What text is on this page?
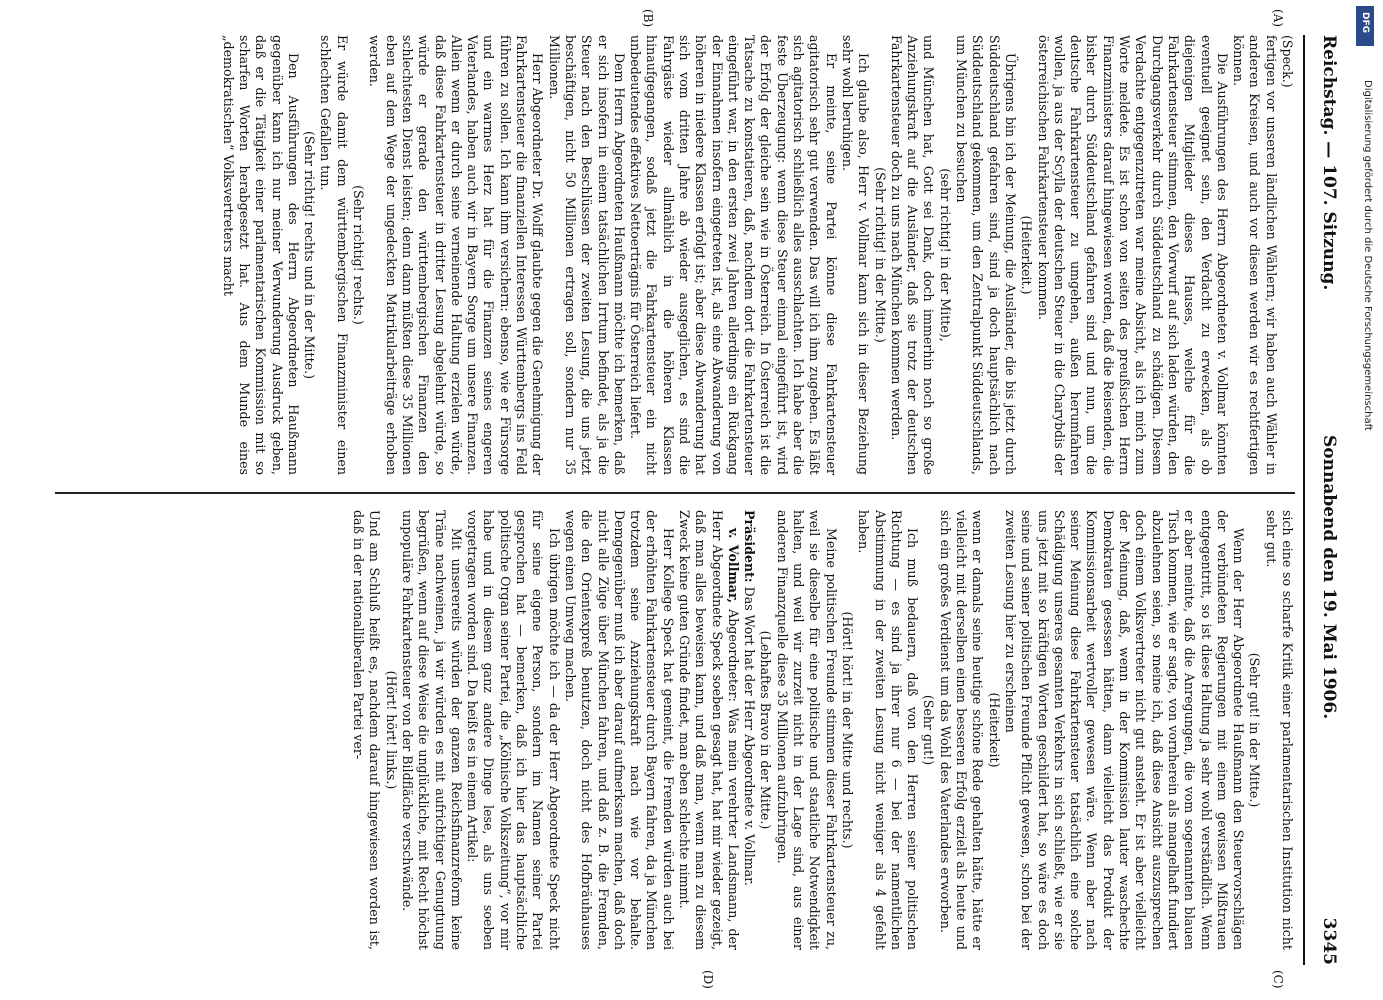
Reichstag. — 107. Sitzung.
Sonnabend den 19. Mai 1906.
3345

(Speck.)

fertigen vor unseren ländlichen Wählern; wir haben auch Wähler in anderen Kreisen, und auch vor diesen werden wir es rechtfertigen können.

Die Ausführungen des Herrn Abgeordneten v. Vollmar könnten eventuell geeignet sein, den Verdacht zu erwecken, als ob diejenigen Mitglieder dieses Hauses, welche für die Fahrkartensteuer stimmen, den Vorwurf auf sich laden würden, den Durchgangsverkehr durch Süddeutschland zu schädigen. Diesem Verdachte entgegenzutreten war meine Absicht, als ich mich zum Worte meldete. Es ist schon von seiten des preußischen Herrn Finanzministers darauf hingewiesen worden, daß die Reisenden, die bisher durch Süddeutschland gefahren sind und nun, um die deutsche Fahrkartensteuer zu umgehen, außen herumfahren wollen, ja aus der Scylla der deutschen Steuer in die Charybdis der österreichischen Fahrkartensteuer kommen.

(Heiterkeit.)

Übrigens bin ich der Meinung, die Ausländer, die bis jetzt durch Süddeutschland gefahren sind, sind ja doch hauptsächlich nach Süddeutschland gekommen, um den Zentralpunkt Süddeutschlands, um München zu besuchen

(sehr richtig! in der Mitte),

und München hat, Gott sei Dank, doch immerhin noch so große Anziehungskraft auf die Ausländer, daß sie trotz der deutschen Fahrkartensteuer doch zu uns nach München kommen werden.

(Sehr richtig! in der Mitte.)

Ich glaube also, Herr v. Vollmar kann sich in dieser Beziehung sehr wohl beruhigen.

Er meinte, seine Partei könne diese Fahrkartensteuer agitatorisch sehr gut verwenden. Das will ich ihm zugeben. Es läßt sich agitatorisch schließlich alles ausschlachten. Ich habe aber die feste Überzeugung: wenn diese Steuer einmal eingeführt ist, wird der Erfolg der gleiche sein wie in Österreich. In Österreich ist die Tatsache zu konstatieren, daß, nachdem dort die Fahrkartensteuer eingeführt war, in den ersten zwei Jahren allerdings ein Rückgang der Einnahmen insofern eingetreten ist, als eine Abwanderung von höheren in niedere Klassen erfolgt ist; aber diese Abwanderung hat sich vom dritten Jahre ab wieder ausgeglichen, es sind die Fahrgäste wieder allmählich in die höheren Klassen hinaufgegangen, sodaß jetzt die Fahrkartensteuer ein nicht unbedeutendes effektives Nettoerträgnis für Österreich liefert.

Dem Herrn Abgeordneten Haußmann möchte ich bemerken, daß er sich insofern in einem tatsächlichen Irrtum befindet, als ja die Steuer nach den Beschlüssen der zweiten Lesung, die uns jetzt beschäftigen, nicht 50 Millionen ertragen soll, sondern nur 35 Millionen.

Herr Abgeordneter Dr. Wolff glaubte gegen die Genehmigung der Fahrkartensteuer die finanziellen Interessen Württembergs ins Feld führen zu sollen. Ich kann ihm versichern: ebenso, wie er Fürsorge und ein warmes Herz hat für die Finanzen seines engeren Vaterlandes, haben auch wir in Bayern Sorge um unsere Finanzen. Allein wenn er durch seine verneinende Haltung erzielen würde, daß diese Fahrkartensteuer in dritter Lesung abgelehnt würde, so würde er gerade den württembergischen Finanzen den schlechtesten Dienst leisten; denn dann müßten diese 35 Millionen eben auf dem Wege der ungedeckten Matrikularbeiträge erhoben werden.

(Sehr richtig! rechts.)

Er würde damit dem württembergischen Finanzminister einen schlechten Gefallen tun.

(Sehr richtig! rechts und in der Mitte.)

Den Ausführungen des Herrn Abgeordneten Haußmann gegenüber kann ich nur meiner Verwunderung Ausdruck geben, daß er die Tätigkeit einer parlamentarischen Kommission mit so scharfen Worten herabgesetzt hat. Aus dem Munde eines „demokratischen“ Volksvertreters macht

sich eine so scharfe Kritik einer parlamentarischen Institution nicht sehr gut.

(Sehr gut! in der Mitte.)

Wenn der Herr Abgeordnete Haußmann den Steuervorschlägen der verbündeten Regierungen mit einem gewissen Mißtrauen entgegentritt, so ist diese Haltung ja sehr wohl verständlich. Wenn er aber meinte, daß die Anregungen, die vom sogenannten blauen Tisch kommen, wie er sagte, von vornherein als mangelhaft fundiert abzulehnen seien, so meine ich, daß diese Ansicht auszusprechen doch einem Volksvertreter nicht gut ansteht. Er ist aber vielleicht der Meinung, daß, wenn in der Kommission lauter waschechte Demokraten gesessen hätten, dann vielleicht das Produkt der Kommissionsarbeit wertvoller gewesen wäre. Wenn aber nach seiner Meinung diese Fahrkartensteuer tatsächlich eine solche Schädigung unseres gesamten Verkehrs in sich schließt, wie er sie uns jetzt mit so kräftigen Worten geschildert hat, so wäre es doch seine und seiner politischen Freunde Pflicht gewesen, schon bei der zweiten Lesung hier zu erscheinen

(Heiterkeit)

wenn er damals seine heutige schöne Rede gehalten hätte, hätte er vielleicht mit derselben einen besseren Erfolg erzielt als heute und sich ein großes Verdienst um das Wohl des Vaterlandes erworben.

(Sehr gut!)

Ich muß bedauern, daß von den Herren seiner politischen Richtung — es sind ja ihrer nur 6 — bei der namentlichen Abstimmung in der zweiten Lesung nicht weniger als 4 gefehlt haben.

(Hört! hört! in der Mitte und rechts.)

Meine politischen Freunde stimmen dieser Fahrkartensteuer zu, weil sie dieselbe für eine politische und staatliche Notwendigkeit halten, und weil wir zurzeit nicht in der Lage sind, aus einer anderen Finanzquelle diese 35 Millionen aufzubringen.

(Lebhaftes Bravo in der Mitte.)

Präsident: Das Wort hat der Herr Abgeordnete v. Vollmar.

v. Vollmar, Abgeordneter: Was mein verehrter Landsmann, der Herr Abgeordnete Speck soeben gesagt hat, hat mir wieder gezeigt, daß man alles beweisen kann, und daß man, wenn man zu diesem Zweck keine guten Gründe findet, man eben schlechte nimmt.

Herr Kollege Speck hat gemeint, die Fremden würden auch bei der erhöhten Fahrkartensteuer durch Bayern fahren, da ja München trotzdem seine Anziehungskraft nach wie vor behalte. Demgegenüber muß ich aber darauf aufmerksam machen, daß doch nicht alle Züge über München fahren, und daß z. B. die Fremden, die den Orientexpreß benutzen, doch nicht des Hofbräuhauses wegen einen Umweg machen.

Ich übrigen möchte ich — da der Herr Abgeordnete Speck nicht für seine eigene Person, sondern im Namen seiner Partei gesprochen hat — bemerken, daß ich hier das hauptsächliche politische Organ seiner Partei, die „Kölnische Volkszeitung“, vor mir habe und in diesem ganz andere Dinge lese, als uns soeben vorgetragen worden sind. Da heißt es in einem Artikel:

Mit unserereits würden der ganzen Reichsfinanzreform keine Träne nachweinen, ja wir würden es mit aufrichtiger Genugtuung begrüßen, wenn auf diese Weise die unglückliche, mit Recht höchst unpopuläre Fahrkartensteuer von der Bildfläche verschwände.

(Hört! hört! links.)

Und am Schluß heißt es, nachdem darauf hingewiesen worden ist, daß in der nationalliberalen Partei ver-

(A)
(B)
(C)
(D)
DFG
Digitalisierung gefördert durch die Deutsche Forschungsgemeinschaft
